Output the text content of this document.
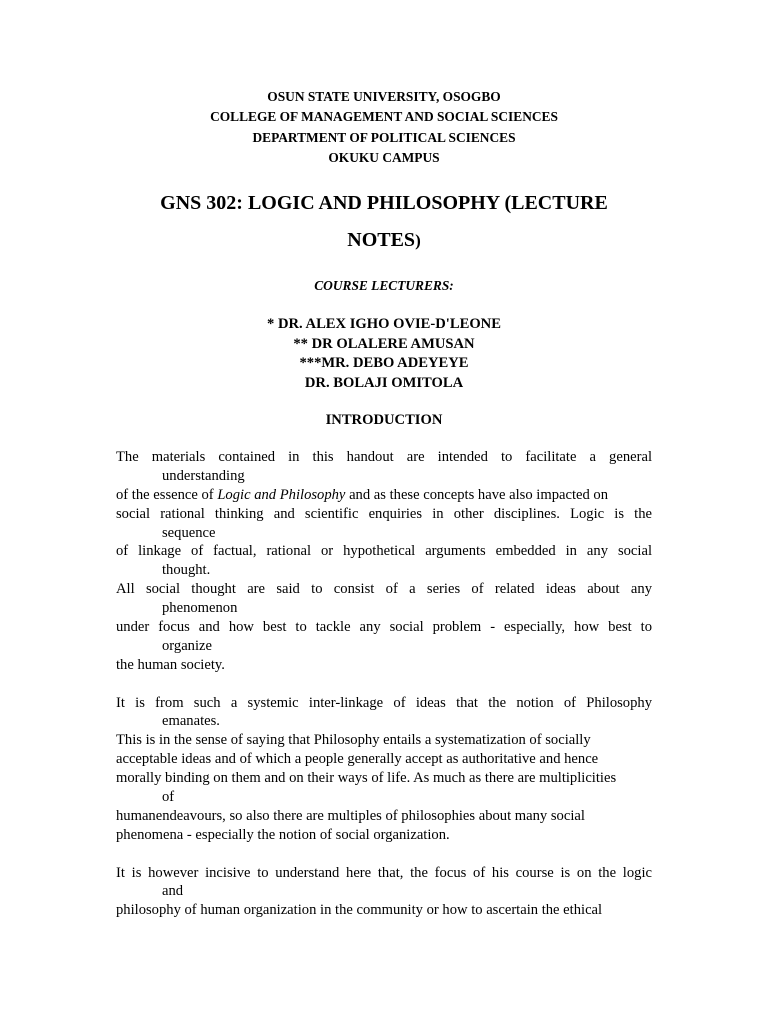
OSUN STATE UNIVERSITY, OSOGBO
COLLEGE OF MANAGEMENT AND SOCIAL SCIENCES
DEPARTMENT OF POLITICAL SCIENCES
OKUKU CAMPUS
GNS 302: LOGIC AND PHILOSOPHY (LECTURE
NOTES)
COURSE LECTURERS:
* DR. ALEX IGHO OVIE-D'LEONE
** DR OLALERE AMUSAN
***MR. DEBO ADEYEYE
DR. BOLAJI OMITOLA
INTRODUCTION
The materials contained in this handout are intended to facilitate a general
understanding
of the essence of Logic and Philosophy and as these concepts have also impacted on
social rational thinking and scientific enquiries in other disciplines. Logic is the
sequence
of linkage of factual, rational or hypothetical arguments embedded in any social
thought.
All social thought are said to consist of a series of related ideas about any
phenomenon
under focus and how best to tackle any social problem - especially, how best to
organize
the human society.
It is from such a systemic inter-linkage of ideas that the notion of Philosophy
emanates.
This is in the sense of saying that Philosophy entails a systematization of socially
acceptable ideas and of which a people generally accept as authoritative and hence
morally binding on them and on their ways of life. As much as there are multiplicities
of
humanendeavours, so also there are multiples of philosophies about many social
phenomena - especially the notion of social organization.
It is however incisive to understand here that, the focus of his course is on the logic
and
philosophy of human organization in the community or how to ascertain the ethical
